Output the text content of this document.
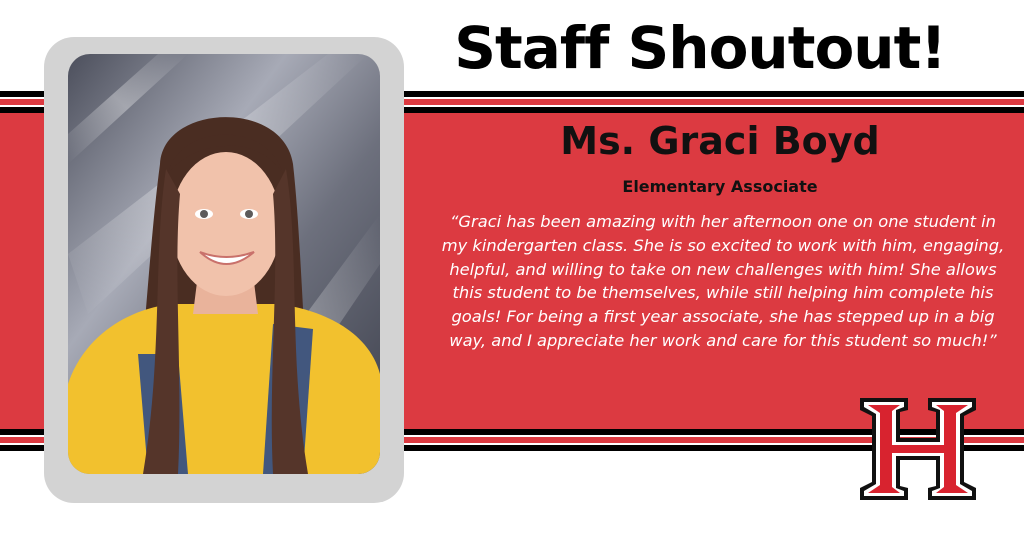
Staff Shoutout!
Ms. Graci Boyd
Elementary Associate

“Graci has been amazing with her afternoon one on one student in my kindergarten class. She is so excited to work with him, engaging, helpful, and willing to take on new challenges with him! She allows this student to be themselves, while still helping him complete his goals! For being a first year associate, she has stepped up in a big way, and I appreciate her work and care for this student so much!”
